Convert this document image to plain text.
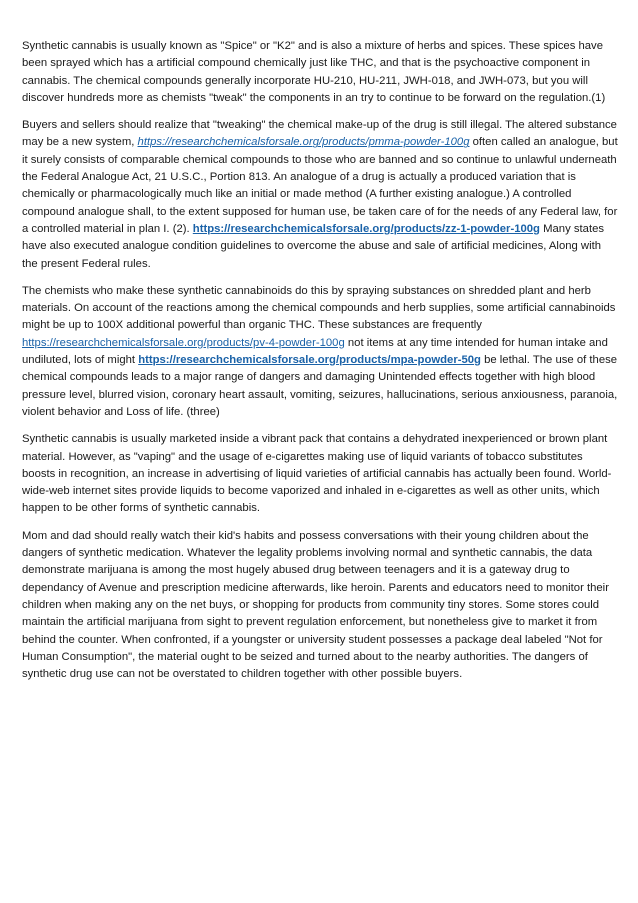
Synthetic cannabis is usually known as "Spice" or "K2" and is also a mixture of herbs and spices. These spices have been sprayed which has a artificial compound chemically just like THC, and that is the psychoactive component in cannabis. The chemical compounds generally incorporate HU-210, HU-211, JWH-018, and JWH-073, but you will discover hundreds more as chemists "tweak" the components in an try to continue to be forward on the regulation.(1)

Buyers and sellers should realize that "tweaking" the chemical make-up of the drug is still illegal. The altered substance may be a new system, https://researchchemicalsforsale.org/products/pmma-powder-100g often called an analogue, but it surely consists of comparable chemical compounds to those who are banned and so continue to unlawful underneath the Federal Analogue Act, 21 U.S.C., Portion 813. An analogue of a drug is actually a produced variation that is chemically or pharmacologically much like an initial or made method (A further existing analogue.) A controlled compound analogue shall, to the extent supposed for human use, be taken care of for the needs of any Federal law, for a controlled material in plan I. (2). https://researchchemicalsforsale.org/products/zz-1-powder-100g Many states have also executed analogue condition guidelines to overcome the abuse and sale of artificial medicines, Along with the present Federal rules.

The chemists who make these synthetic cannabinoids do this by spraying substances on shredded plant and herb materials. On account of the reactions among the chemical compounds and herb supplies, some artificial cannabinoids might be up to 100X additional powerful than organic THC. These substances are frequently https://researchchemicalsforsale.org/products/pv-4-powder-100g not items at any time intended for human intake and undiluted, lots of might https://researchchemicalsforsale.org/products/mpa-powder-50g be lethal. The use of these chemical compounds leads to a major range of dangers and damaging Unintended effects together with high blood pressure level, blurred vision, coronary heart assault, vomiting, seizures, hallucinations, serious anxiousness, paranoia, violent behavior and Loss of life. (three)

Synthetic cannabis is usually marketed inside a vibrant pack that contains a dehydrated inexperienced or brown plant material. However, as "vaping" and the usage of e-cigarettes making use of liquid variants of tobacco substitutes boosts in recognition, an increase in advertising of liquid varieties of artificial cannabis has actually been found. World-wide-web internet sites provide liquids to become vaporized and inhaled in e-cigarettes as well as other units, which happen to be other forms of synthetic cannabis.

Mom and dad should really watch their kid's habits and possess conversations with their young children about the dangers of synthetic medication. Whatever the legality problems involving normal and synthetic cannabis, the data demonstrate marijuana is among the most hugely abused drug between teenagers and it is a gateway drug to dependancy of Avenue and prescription medicine afterwards, like heroin. Parents and educators need to monitor their children when making any on the net buys, or shopping for products from community tiny stores. Some stores could maintain the artificial marijuana from sight to prevent regulation enforcement, but nonetheless give to market it from behind the counter. When confronted, if a youngster or university student possesses a package deal labeled "Not for Human Consumption", the material ought to be seized and turned about to the nearby authorities. The dangers of synthetic drug use can not be overstated to children together with other possible buyers.
